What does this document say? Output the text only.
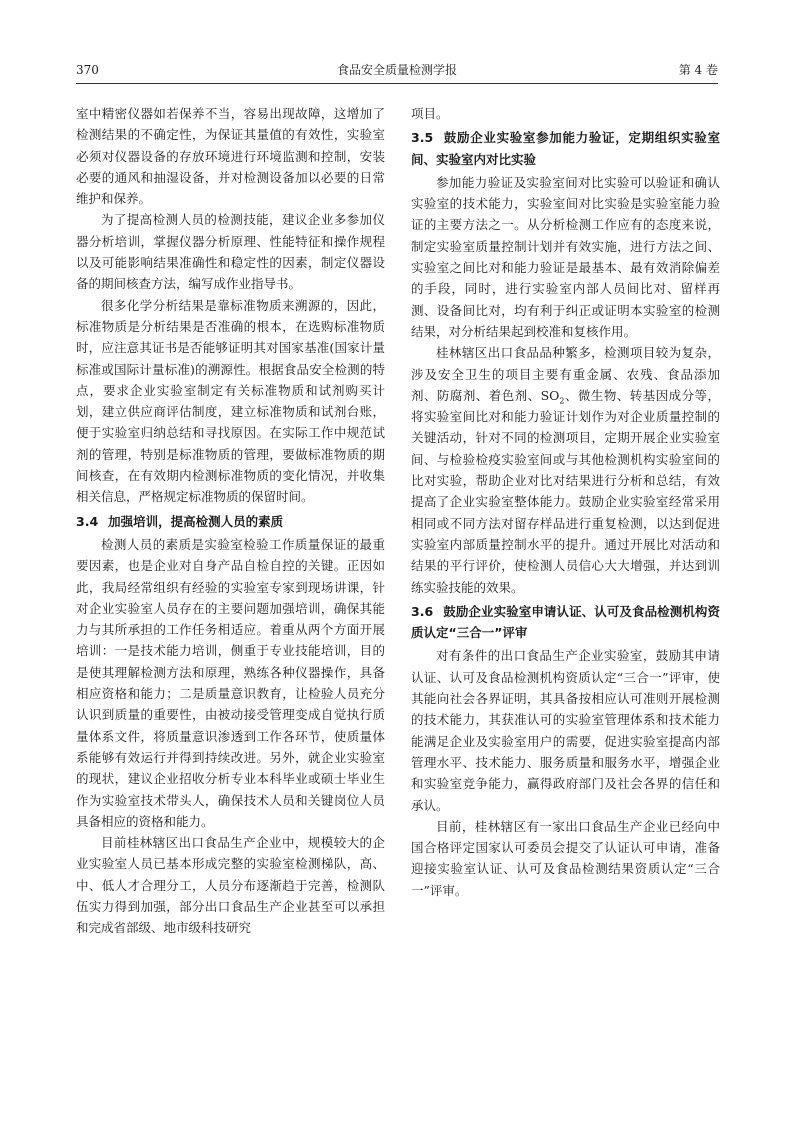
370	食品安全质量检测学报	第 4 卷

室中精密仪器如若保养不当，容易出现故障，这增加了检测结果的不确定性，为保证其量值的有效性，实验室必须对仪器设备的存放环境进行环境监测和控制，安装必要的通风和抽湿设备，并对检测设备加以必要的日常维护和保养。

为了提高检测人员的检测技能，建议企业多参加仪器分析培训，掌握仪器分析原理、性能特征和操作规程以及可能影响结果准确性和稳定性的因素，制定仪器设备的期间核查方法，编写成作业指导书。

很多化学分析结果是靠标准物质来溯源的，因此，标准物质是分析结果是否准确的根本，在选购标准物质时，应注意其证书是否能够证明其对国家基准(国家计量标准或国际计量标准)的溯源性。根据食品安全检测的特点，要求企业实验室制定有关标准物质和试剂购买计划，建立供应商评估制度，建立标准物质和试剂台账，便于实验室归纳总结和寻找原因。在实际工作中规范试剂的管理，特别是标准物质的管理，要做标准物质的期间核查，在有效期内检测标准物质的变化情况，并收集相关信息，严格规定标准物质的保留时间。

3.4 加强培训，提高检测人员的素质

检测人员的素质是实验室检验工作质量保证的最重要因素，也是企业对自身产品自检自控的关键。正因如此，我局经常组织有经验的实验室专家到现场讲课，针对企业实验室人员存在的主要问题加强培训，确保其能力与其所承担的工作任务相适应。着重从两个方面开展培训：一是技术能力培训，侧重于专业技能培训，目的是使其理解检测方法和原理，熟练各种仪器操作，具备相应资格和能力；二是质量意识教育，让检验人员充分认识到质量的重要性，由被动接受管理变成自觉执行质量体系文件，将质量意识渗透到工作各环节，使质量体系能够有效运行并得到持续改进。另外，就企业实验室的现状，建议企业招收分析专业本科毕业或硕士毕业生作为实验室技术带头人，确保技术人员和关键岗位人员具备相应的资格和能力。

目前桂林辖区出口食品生产企业中，规模较大的企业实验室人员已基本形成完整的实验室检测梯队，高、中、低人才合理分工，人员分布逐渐趋于完善，检测队伍实力得到加强，部分出口食品生产企业甚至可以承担和完成省部级、地市级科技研究

项目。

3.5 鼓励企业实验室参加能力验证，定期组织实验室间、实验室内对比实验

参加能力验证及实验室间对比实验可以验证和确认实验室的技术能力，实验室间对比实验是实验室能力验证的主要方法之一。从分析检测工作应有的态度来说，制定实验室质量控制计划并有效实施，进行方法之间、实验室之间比对和能力验证是最基本、最有效消除偏差的手段，同时，进行实验室内部人员间比对、留样再测、设备间比对，均有利于纠正或证明本实验室的检测结果，对分析结果起到校准和复核作用。

桂林辖区出口食品品种繁多，检测项目较为复杂，涉及安全卫生的项目主要有重金属、农残、食品添加剂、防腐剂、着色剂、$SO_2$、微生物、转基因成分等，将实验室间比对和能力验证计划作为对企业质量控制的关键活动，针对不同的检测项目，定期开展企业实验室间、与检验检疫实验室间或与其他检测机构实验室间的比对实验，帮助企业对比对结果进行分析和总结，有效提高了企业实验室整体能力。鼓励企业实验室经常采用相同或不同方法对留存样品进行重复检测，以达到促进实验室内部质量控制水平的提升。通过开展比对活动和结果的平行评价，使检测人员信心大大增强，并达到训练实验技能的效果。

3.6 鼓励企业实验室申请认证、认可及食品检测机构资质认定“三合一”评审

对有条件的出口食品生产企业实验室，鼓励其申请认证、认可及食品检测机构资质认定“三合一”评审，使其能向社会各界证明，其具备按相应认可准则开展检测的技术能力，其获准认可的实验室管理体系和技术能力能满足企业及实验室用户的需要，促进实验室提高内部管理水平、技术能力、服务质量和服务水平，增强企业和实验室竞争能力，赢得政府部门及社会各界的信任和承认。

目前，桂林辖区有一家出口食品生产企业已经向中国合格评定国家认可委员会提交了认证认可申请，准备迎接实验室认证、认可及食品检测结果资质认定“三合一”评审。
